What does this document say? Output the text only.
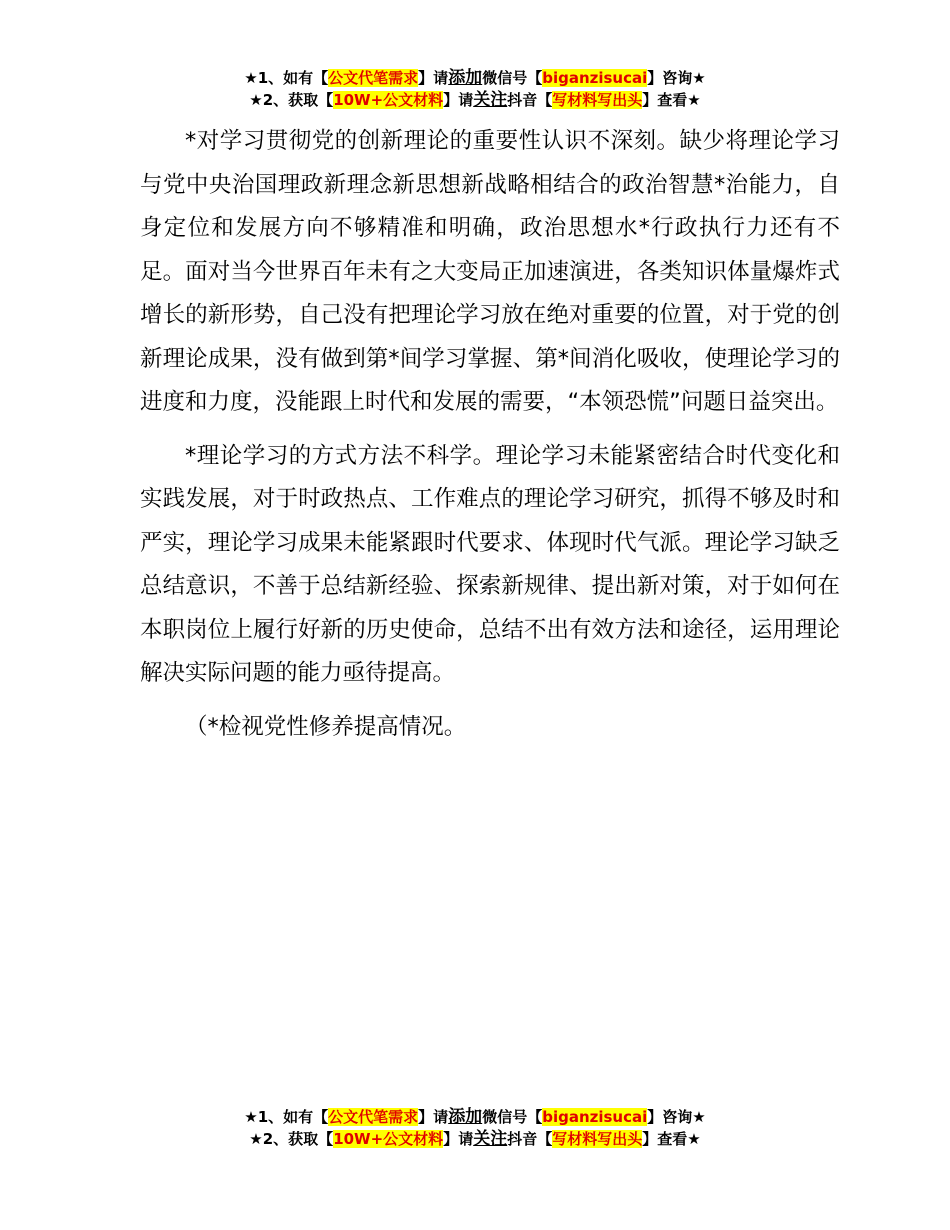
★1、如有【公文代笔需求】请添加微信号【biganzisucai】咨询★
★2、获取【10W+公文材料】请关注抖音【写材料写出头】查看★

*对学习贯彻党的创新理论的重要性认识不深刻。缺少将理论学习与党中央治国理政新理念新思想新战略相结合的政治智慧*治能力，自身定位和发展方向不够精准和明确，政治思想水*行政执行力还有不足。面对当今世界百年未有之大变局正加速演进，各类知识体量爆炸式增长的新形势，自己没有把理论学习放在绝对重要的位置，对于党的创新理论成果，没有做到第*间学习掌握、第*间消化吸收，使理论学习的进度和力度，没能跟上时代和发展的需要，“本领恐慌”问题日益突出。

*理论学习的方式方法不科学。理论学习未能紧密结合时代变化和实践发展，对于时政热点、工作难点的理论学习研究，抓得不够及时和严实，理论学习成果未能紧跟时代要求、体现时代气派。理论学习缺乏总结意识，不善于总结新经验、探索新规律、提出新对策，对于如何在本职岗位上履行好新的历史使命，总结不出有效方法和途径，运用理论解决实际问题的能力亟待提高。

（*检视党性修养提高情况。

★1、如有【公文代笔需求】请添加微信号【biganzisucai】咨询★
★2、获取【10W+公文材料】请关注抖音【写材料写出头】查看★
